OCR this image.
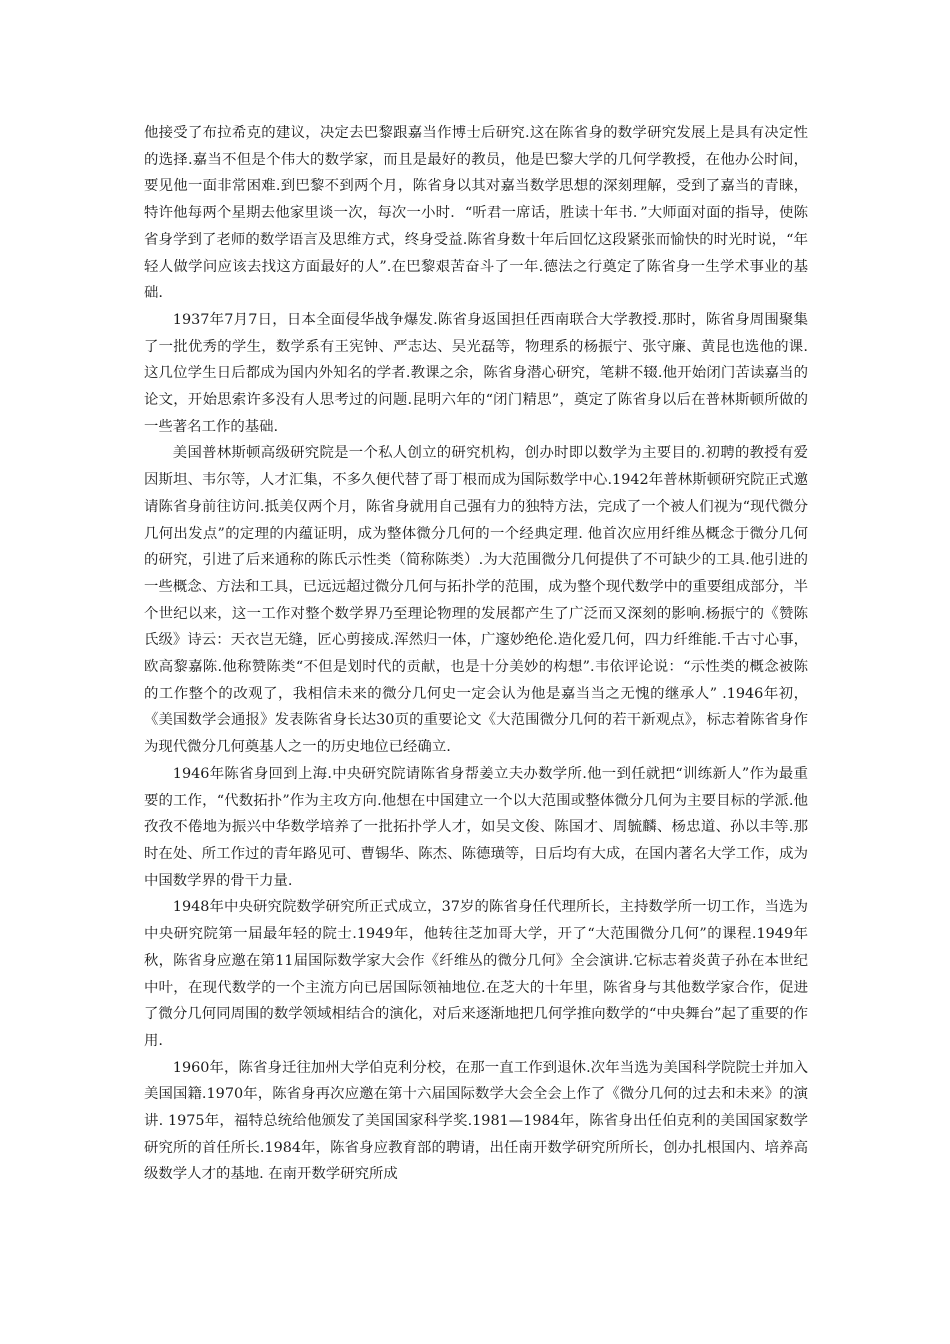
他接受了布拉希克的建议，决定去巴黎跟嘉当作博士后研究.这在陈省身的数学研究发展上是具有决定性的选择.嘉当不但是个伟大的数学家，而且是最好的教员，他是巴黎大学的几何学教授，在他办公时间，要见他一面非常困难.到巴黎不到两个月，陈省身以其对嘉当数学思想的深刻理解，受到了嘉当的青睐，特许他每两个星期去他家里谈一次，每次一小时．“听君一席话，胜读十年书．”大师面对面的指导，使陈省身学到了老师的数学语言及思维方式，终身受益.陈省身数十年后回忆这段紧张而愉快的时光时说，“年轻人做学问应该去找这方面最好的人”.在巴黎艰苦奋斗了一年.德法之行奠定了陈省身一生学术事业的基础.

1937年7月7日，日本全面侵华战争爆发.陈省身返国担任西南联合大学教授.那时，陈省身周围聚集了一批优秀的学生，数学系有王宪钟、严志达、吴光磊等，物理系的杨振宁、张守廉、黄昆也选他的课.这几位学生日后都成为国内外知名的学者.教课之余，陈省身潜心研究，笔耕不辍.他开始闭门苦读嘉当的论文，开始思索许多没有人思考过的问题.昆明六年的“闭门精思”，奠定了陈省身以后在普林斯顿所做的一些著名工作的基础.

美国普林斯顿高级研究院是一个私人创立的研究机构，创办时即以数学为主要目的.初聘的教授有爱因斯坦、韦尔等，人才汇集，不多久便代替了哥丁根而成为国际数学中心.1942年普林斯顿研究院正式邀请陈省身前往访问.抵美仅两个月，陈省身就用自己强有力的独特方法，完成了一个被人们视为“现代微分几何出发点”的定理的内蕴证明，成为整体微分几何的一个经典定理. 他首次应用纤维丛概念于微分几何的研究，引进了后来通称的陈氏示性类（简称陈类）.为大范围微分几何提供了不可缺少的工具.他引进的一些概念、方法和工具，已远远超过微分几何与拓扑学的范围，成为整个现代数学中的重要组成部分，半个世纪以来，这一工作对整个数学界乃至理论物理的发展都产生了广泛而又深刻的影响.杨振宁的《赞陈氏级》诗云：天衣岂无缝，匠心剪接成.浑然归一体，广邃妙绝伦.造化爱几何，四力纤维能.千古寸心事，欧高黎嘉陈.他称赞陈类“不但是划时代的贡献，也是十分美妙的构想”.韦依评论说：“示性类的概念被陈的工作整个的改观了，我相信未来的微分几何史一定会认为他是嘉当当之无愧的继承人” .1946年初，《美国数学会通报》发表陈省身长达30页的重要论文《大范围微分几何的若干新观点》，标志着陈省身作为现代微分几何奠基人之一的历史地位已经确立.

1946年陈省身回到上海.中央研究院请陈省身帮姜立夫办数学所.他一到任就把“训练新人”作为最重要的工作，“代数拓扑”作为主攻方向.他想在中国建立一个以大范围或整体微分几何为主要目标的学派.他孜孜不倦地为振兴中华数学培养了一批拓扑学人才，如吴文俊、陈国才、周毓麟、杨忠道、孙以丰等.那时在处、所工作过的青年路见可、曹锡华、陈杰、陈德璜等，日后均有大成，在国内著名大学工作，成为中国数学界的骨干力量.

1948年中央研究院数学研究所正式成立，37岁的陈省身任代理所长，主持数学所一切工作，当选为中央研究院第一届最年轻的院士.1949年，他转往芝加哥大学，开了“大范围微分几何”的课程.1949年秋，陈省身应邀在第11届国际数学家大会作《纤维丛的微分几何》全会演讲.它标志着炎黄子孙在本世纪中叶，在现代数学的一个主流方向已居国际领袖地位.在芝大的十年里，陈省身与其他数学家合作，促进了微分几何同周围的数学领域相结合的演化，对后来逐渐地把几何学推向数学的“中央舞台”起了重要的作用.

1960年，陈省身迁往加州大学伯克利分校，在那一直工作到退休.次年当选为美国科学院院士并加入美国国籍.1970年，陈省身再次应邀在第十六届国际数学大会全会上作了《微分几何的过去和未来》的演讲. 1975年，福特总统给他颁发了美国国家科学奖.1981—1984年，陈省身出任伯克利的美国国家数学研究所的首任所长.1984年，陈省身应教育部的聘请，出任南开数学研究所所长，创办扎根国内、培养高级数学人才的基地. 在南开数学研究所成
